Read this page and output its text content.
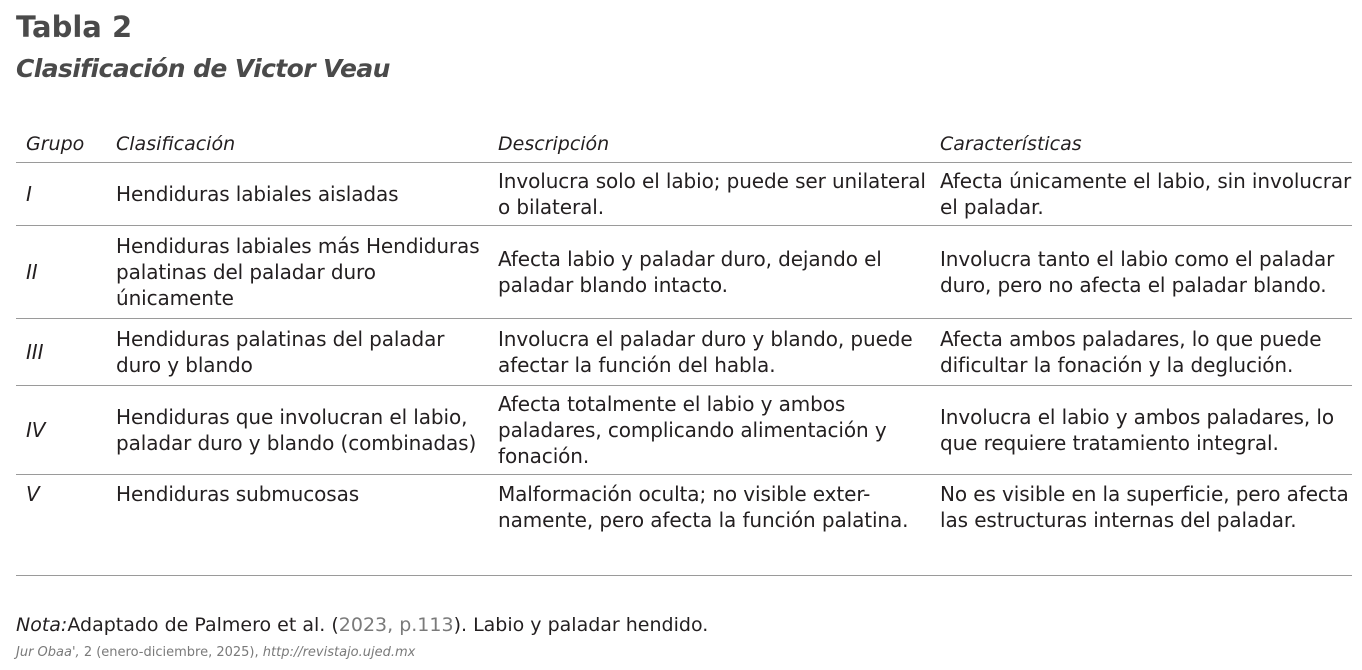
Tabla 2
Clasificación de Victor Veau
Grupo	Clasificación	Descripción	Características
I	Hendiduras labiales aisladas	Involucra solo el labio; puede ser unilateral o bilateral.	Afecta únicamente el labio, sin involucrar el paladar.
II	Hendiduras labiales más Hendiduras palatinas del paladar duro únicamente	Afecta labio y paladar duro, dejando el paladar blando intacto.	Involucra tanto el labio como el paladar duro, pero no afecta el paladar blando.
III	Hendiduras palatinas del paladar duro y blando	Involucra el paladar duro y blando, puede afectar la función del habla.	Afecta ambos paladares, lo que puede dificultar la fonación y la deglución.
IV	Hendiduras que involucran el labio, paladar duro y blando (combinadas)	Afecta totalmente el labio y ambos paladares, complicando alimentación y fonación.	Involucra el labio y ambos paladares, lo que requiere tratamiento integral.
V	Hendiduras submucosas	Malformación oculta; no visible exter-namente, pero afecta la función palatina.	No es visible en la superficie, pero afecta las estructuras internas del paladar.
Nota:Adaptado de Palmero et al. (2023, p.113). Labio y paladar hendido.
Jur Obaa', 2 (enero-diciembre, 2025), http://revistajo.ujed.mx
